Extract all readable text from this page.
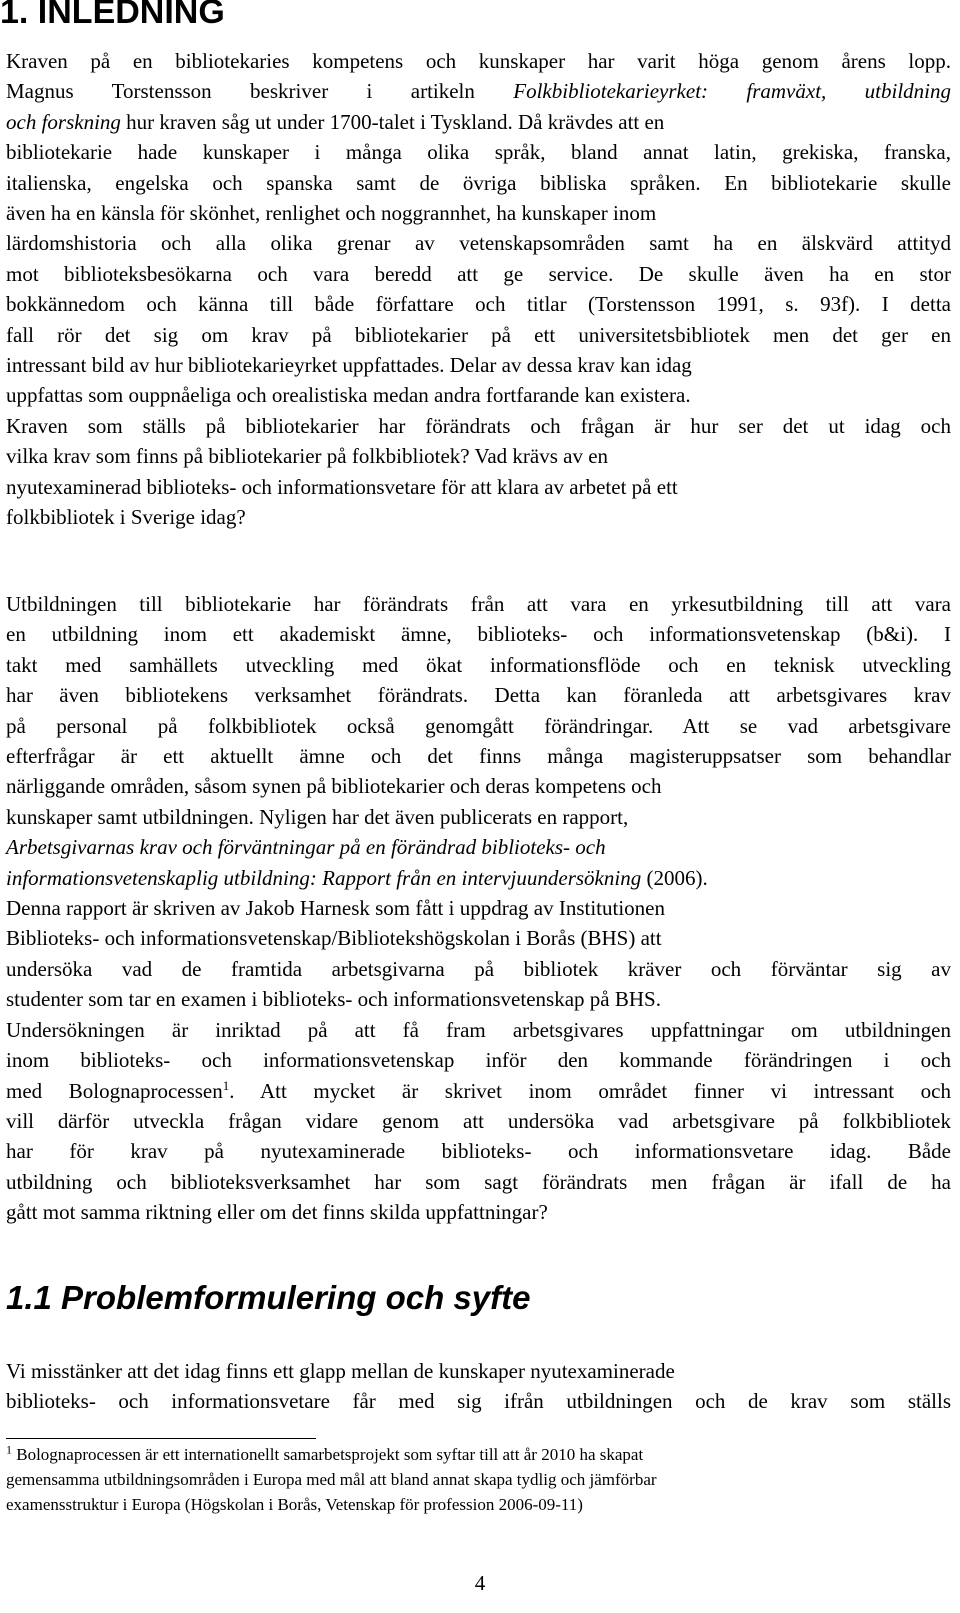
1. INLEDNING
Kraven på en bibliotekaries kompetens och kunskaper har varit höga genom årens lopp.
Magnus Torstensson beskriver i artikeln Folkbibliotekarieyrket: framväxt, utbildning
och forskning hur kraven såg ut under 1700-talet i Tyskland. Då krävdes att en
bibliotekarie hade kunskaper i många olika språk, bland annat latin, grekiska, franska,
italienska, engelska och spanska samt de övriga bibliska språken. En bibliotekarie skulle
även ha en känsla för skönhet, renlighet och noggrannhet, ha kunskaper inom
lärdomshistoria och alla olika grenar av vetenskapsområden samt ha en älskvärd attityd
mot biblioteksbesökarna och vara beredd att ge service. De skulle även ha en stor
bokkännedom och känna till både författare och titlar (Torstensson 1991, s. 93f). I detta
fall rör det sig om krav på bibliotekarier på ett universitetsbibliotek men det ger en
intressant bild av hur bibliotekarieyrket uppfattades. Delar av dessa krav kan idag
uppfattas som ouppnåeliga och orealistiska medan andra fortfarande kan existera.
Kraven som ställs på bibliotekarier har förändrats och frågan är hur ser det ut idag och
vilka krav som finns på bibliotekarier på folkbibliotek? Vad krävs av en
nyutexaminerad biblioteks- och informationsvetare för att klara av arbetet på ett
folkbibliotek i Sverige idag?
Utbildningen till bibliotekarie har förändrats från att vara en yrkesutbildning till att vara
en utbildning inom ett akademiskt ämne, biblioteks- och informationsvetenskap (b&i). I
takt med samhällets utveckling med ökat informationsflöde och en teknisk utveckling
har även bibliotekens verksamhet förändrats. Detta kan föranleda att arbetsgivares krav
på personal på folkbibliotek också genomgått förändringar. Att se vad arbetsgivare
efterfrågar är ett aktuellt ämne och det finns många magisteruppsatser som behandlar
närliggande områden, såsom synen på bibliotekarier och deras kompetens och
kunskaper samt utbildningen. Nyligen har det även publicerats en rapport,
Arbetsgivarnas krav och förväntningar på en förändrad biblioteks- och
informationsvetenskaplig utbildning: Rapport från en intervjuundersökning (2006).
Denna rapport är skriven av Jakob Harnesk som fått i uppdrag av Institutionen
Biblioteks- och informationsvetenskap/Bibliotekshögskolan i Borås (BHS) att
undersöka vad de framtida arbetsgivarna på bibliotek kräver och förväntar sig av
studenter som tar en examen i biblioteks- och informationsvetenskap på BHS.
Undersökningen är inriktad på att få fram arbetsgivares uppfattningar om utbildningen
inom biblioteks- och informationsvetenskap inför den kommande förändringen i och
med Bolognaprocessen$^1$. Att mycket är skrivet inom området finner vi intressant och
vill därför utveckla frågan vidare genom att undersöka vad arbetsgivare på folkbibliotek
har för krav på nyutexaminerade biblioteks- och informationsvetare idag. Både
utbildning och biblioteksverksamhet har som sagt förändrats men frågan är ifall de ha
gått mot samma riktning eller om det finns skilda uppfattningar?
1.1 Problemformulering och syfte
Vi misstänker att det idag finns ett glapp mellan de kunskaper nyutexaminerade
biblioteks- och informationsvetare får med sig ifrån utbildningen och de krav som ställs
$^1$ Bolognaprocessen är ett internationellt samarbetsprojekt som syftar till att år 2010 ha skapat
gemensamma utbildningsområden i Europa med mål att bland annat skapa tydlig och jämförbar
examensstruktur i Europa (Högskolan i Borås, Vetenskap för profession 2006-09-11)
4
